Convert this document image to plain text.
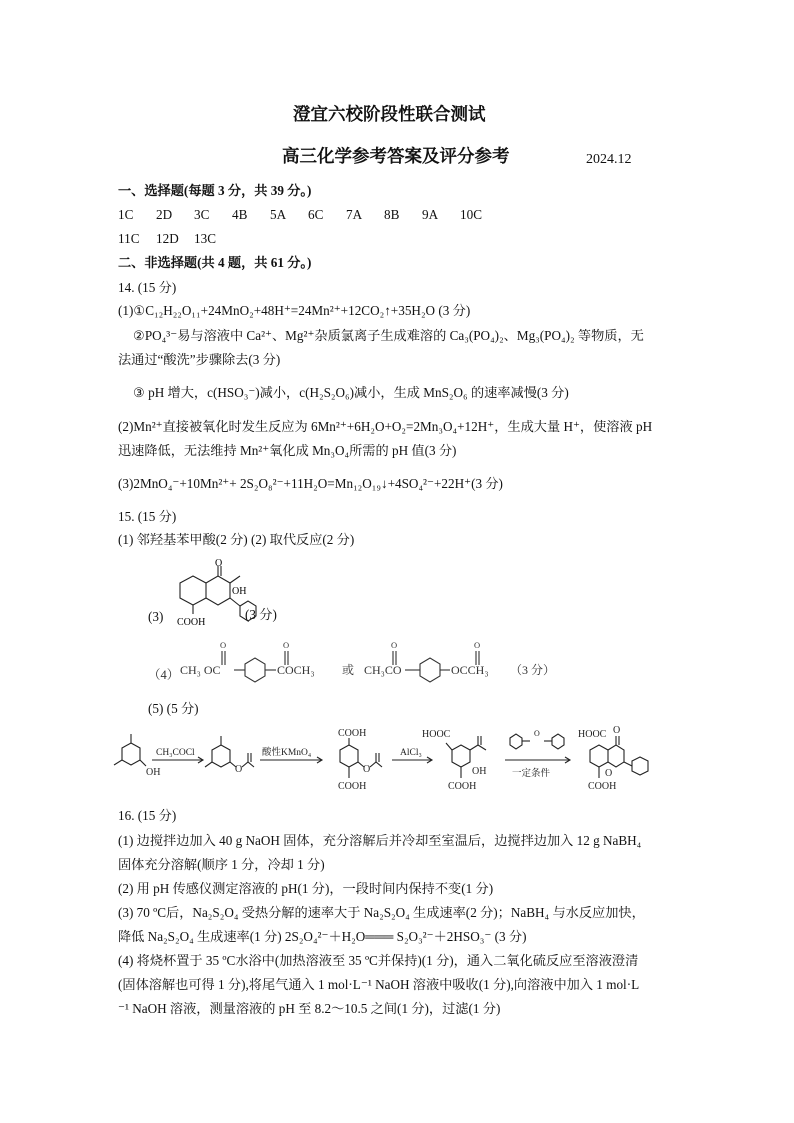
澄宜六校阶段性联合测试
高三化学参考答案及评分参考	2024.12
一、选择题(每题 3 分，共 39 分。)
1C 2D 3C 4B 5A 6C 7A 8B 9A 10C
11C 12D 13C
二、非选择题(共 4 题，共 61 分。)
14. (15 分)
(1)①C₁₂H₂₂O₁₁+24MnO₂+48H⁺=24Mn²⁺+12CO₂↑+35H₂O (3 分)
②PO₄³⁻易与溶液中 Ca²⁺、Mg²⁺杂质氯离子生成难溶的 Ca₃(PO₄)₂、Mg₃(PO₄)₂ 等物质，无
法通过“酸洗”步骤除去(3 分)
③ pH 增大，c(HSO₃⁻)减小，c(H₂S₂O₆)减小，生成 MnS₂O₆ 的速率减慢(3 分)
(2)Mn²⁺直接被氧化时发生反应为 6Mn²⁺+6H₂O+O₂=2Mn₃O₄+12H⁺，生成大量 H⁺，使溶液 pH
迅速降低，无法维持 Mn²⁺氧化成 Mn₃O₄所需的 pH 值(3 分)
(3)2MnO₄⁻+10Mn²⁺+ 2S₂O₈²⁻+11H₂O=Mn₁₂O₁₉↓+4SO₄²⁻+22H⁺(3 分)
15. (15 分)
(1) 邻羟基苯甲酸(2 分) (2) 取代反应(2 分)
(3)
O
OH
COOH
(3 分)
（4）
O	O	O	O
CH₃ OC	COCH₃ 或 CH₃CO	OCCH₃ （3 分）
(5) (5 分)
OH
CH₃COCl
O
酸性KMnO₄
COOH
O
COOH
AlCl₃
HOOC
OH
COOH
O
一定条件
HOOC O
O
COOH
16. (15 分)
(1) 边搅拌边加入 40 g NaOH 固体，充分溶解后并冷却至室温后，边搅拌边加入 12 g NaBH₄
固体充分溶解(顺序 1 分，冷却 1 分)
(2) 用 pH 传感仪测定溶液的 pH(1 分)，一段时间内保持不变(1 分)
(3) 70 ºC后，Na₂S₂O₄ 受热分解的速率大于 Na₂S₂O₄ 生成速率(2 分)；NaBH₄ 与水反应加快，
降低 Na₂S₂O₄ 生成速率(1 分) 2S₂O₄²⁻＋H₂O═══ S₂O₃²⁻＋2HSO₃⁻ (3 分)
(4) 将烧杯置于 35 ºC水浴中(加热溶液至 35 ºC并保持)(1 分)，通入二氧化硫反应至溶液澄清
(固体溶解也可得 1 分),将尾气通入 1 mol·L⁻¹ NaOH 溶液中吸收(1 分),向溶液中加入 1 mol·L
⁻¹ NaOH 溶液，测量溶液的 pH 至 8.2～10.5 之间(1 分)，过滤(1 分)
